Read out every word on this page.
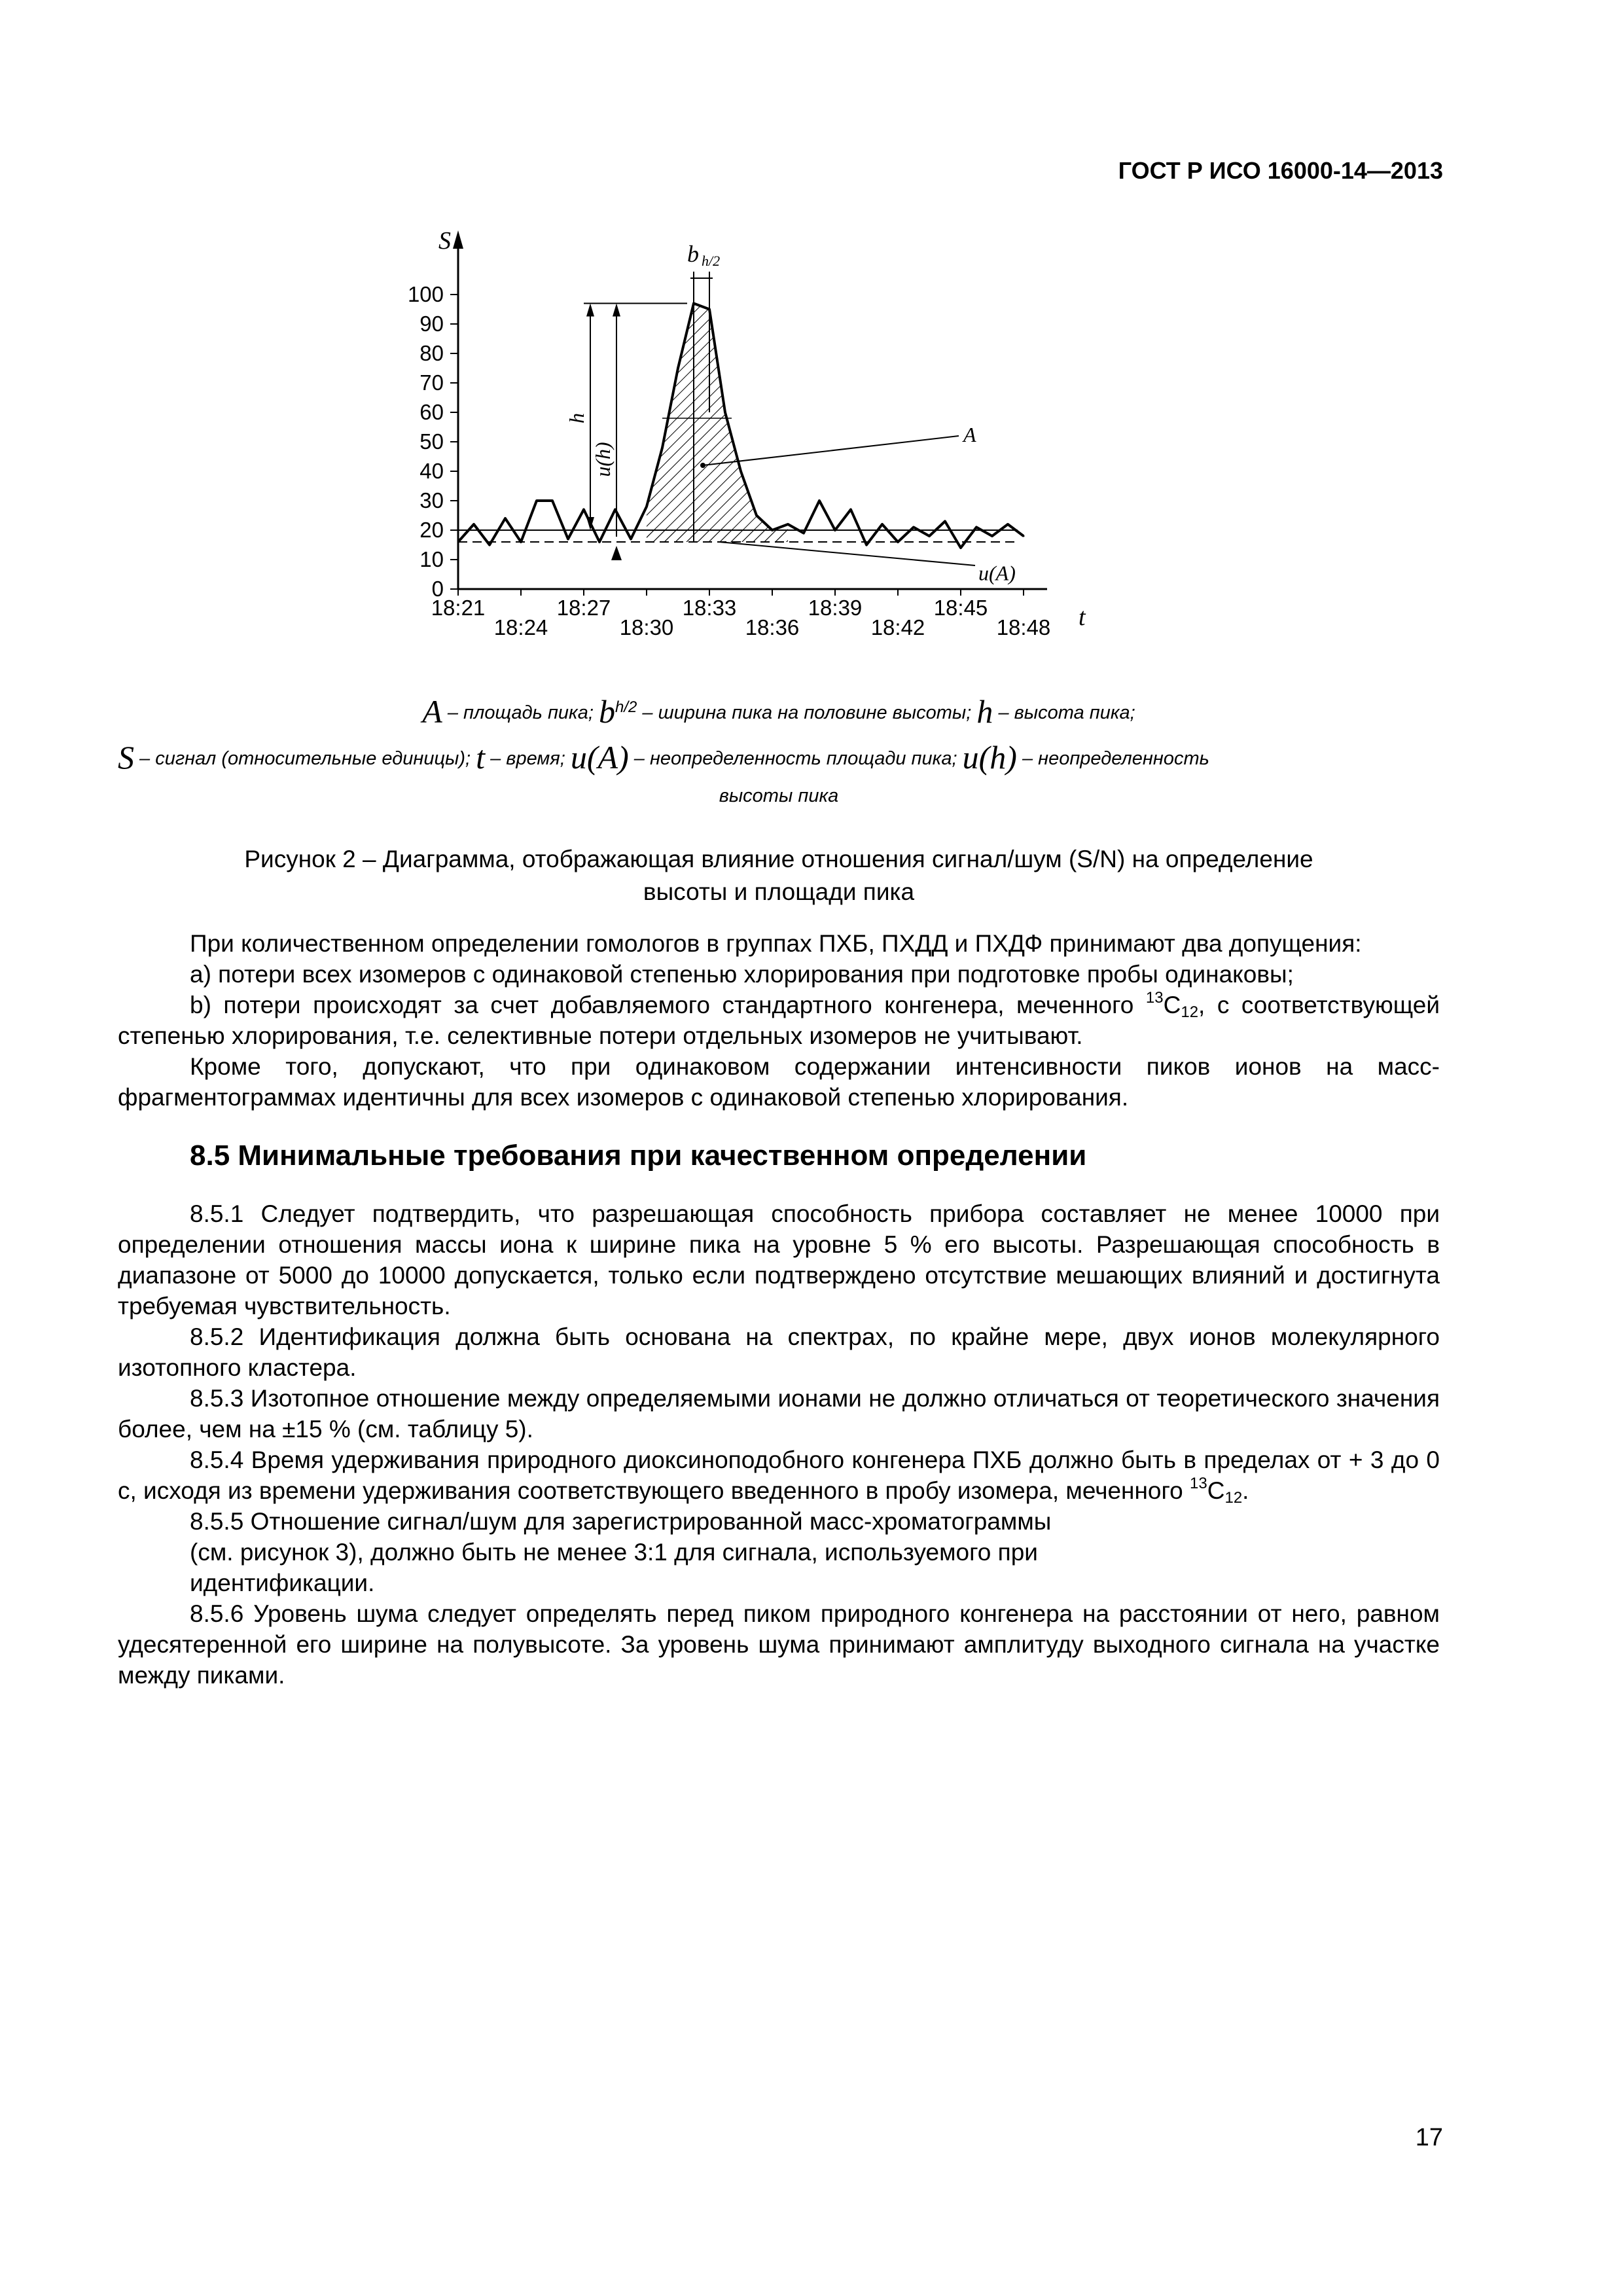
ГОСТ Р ИСО 16000-14—2013
S
t
b h/2
h
u(h)
A
u(A)
0
10
20
30
40
50
60
70
80
90
100
18:21
18:24
18:27
18:30
18:33
18:36
18:39
18:42
18:45
18:48
A – площадь пика; $b^{h/2}$ – ширина пика на половине высоты; h – высота пика;
S – сигнал (относительные единицы); t – время; u(A) – неопределенность площади пика; u(h) – неопределенность
высоты пика
Рисунок 2 – Диаграмма, отображающая влияние отношения сигнал/шум (S/N) на определение
высоты и площади пика

При количественном определении гомологов в группах ПХБ, ПХДД и ПХДФ принимают два допущения:

а) потери всех изомеров с одинаковой степенью хлорирования при подготовке пробы одинаковы;

b) потери происходят за счет добавляемого стандартного конгенера, меченного $^{13}C_{12}$, с соответствующей степенью хлорирования, т.е. селективные потери отдельных изомеров не учитывают.

Кроме того, допускают, что при одинаковом содержании интенсивности пиков ионов на масс-фрагментограммах идентичны для всех изомеров с одинаковой степенью хлорирования.

8.5 Минимальные требования при качественном определении

8.5.1 Следует подтвердить, что разрешающая способность прибора составляет не менее 10000 при определении отношения массы иона к ширине пика на уровне 5 % его высоты. Разрешающая способность в диапазоне от 5000 до 10000 допускается, только если подтверждено отсутствие мешающих влияний и достигнута требуемая чувствительность.

8.5.2 Идентификация должна быть основана на спектрах, по крайне мере, двух ионов молекулярного изотопного кластера.

8.5.3 Изотопное отношение между определяемыми ионами не должно отличаться от теоретического значения более, чем на ±15 % (см. таблицу 5).

8.5.4 Время удерживания природного диоксиноподобного конгенера ПХБ должно быть в пределах от + 3 до 0 с, исходя из времени удерживания соответствующего введенного в пробу изомера, меченного $^{13}C_{12}$.

8.5.5 Отношение сигнал/шум для зарегистрированной масс-хроматограммы

(см. рисунок 3), должно быть не менее 3:1 для сигнала, используемого при

идентификации.

8.5.6 Уровень шума следует определять перед пиком природного конгенера на расстоянии от него, равном удесятеренной его ширине на полувысоте. За уровень шума принимают амплитуду выходного сигнала на участке между пиками.

17
